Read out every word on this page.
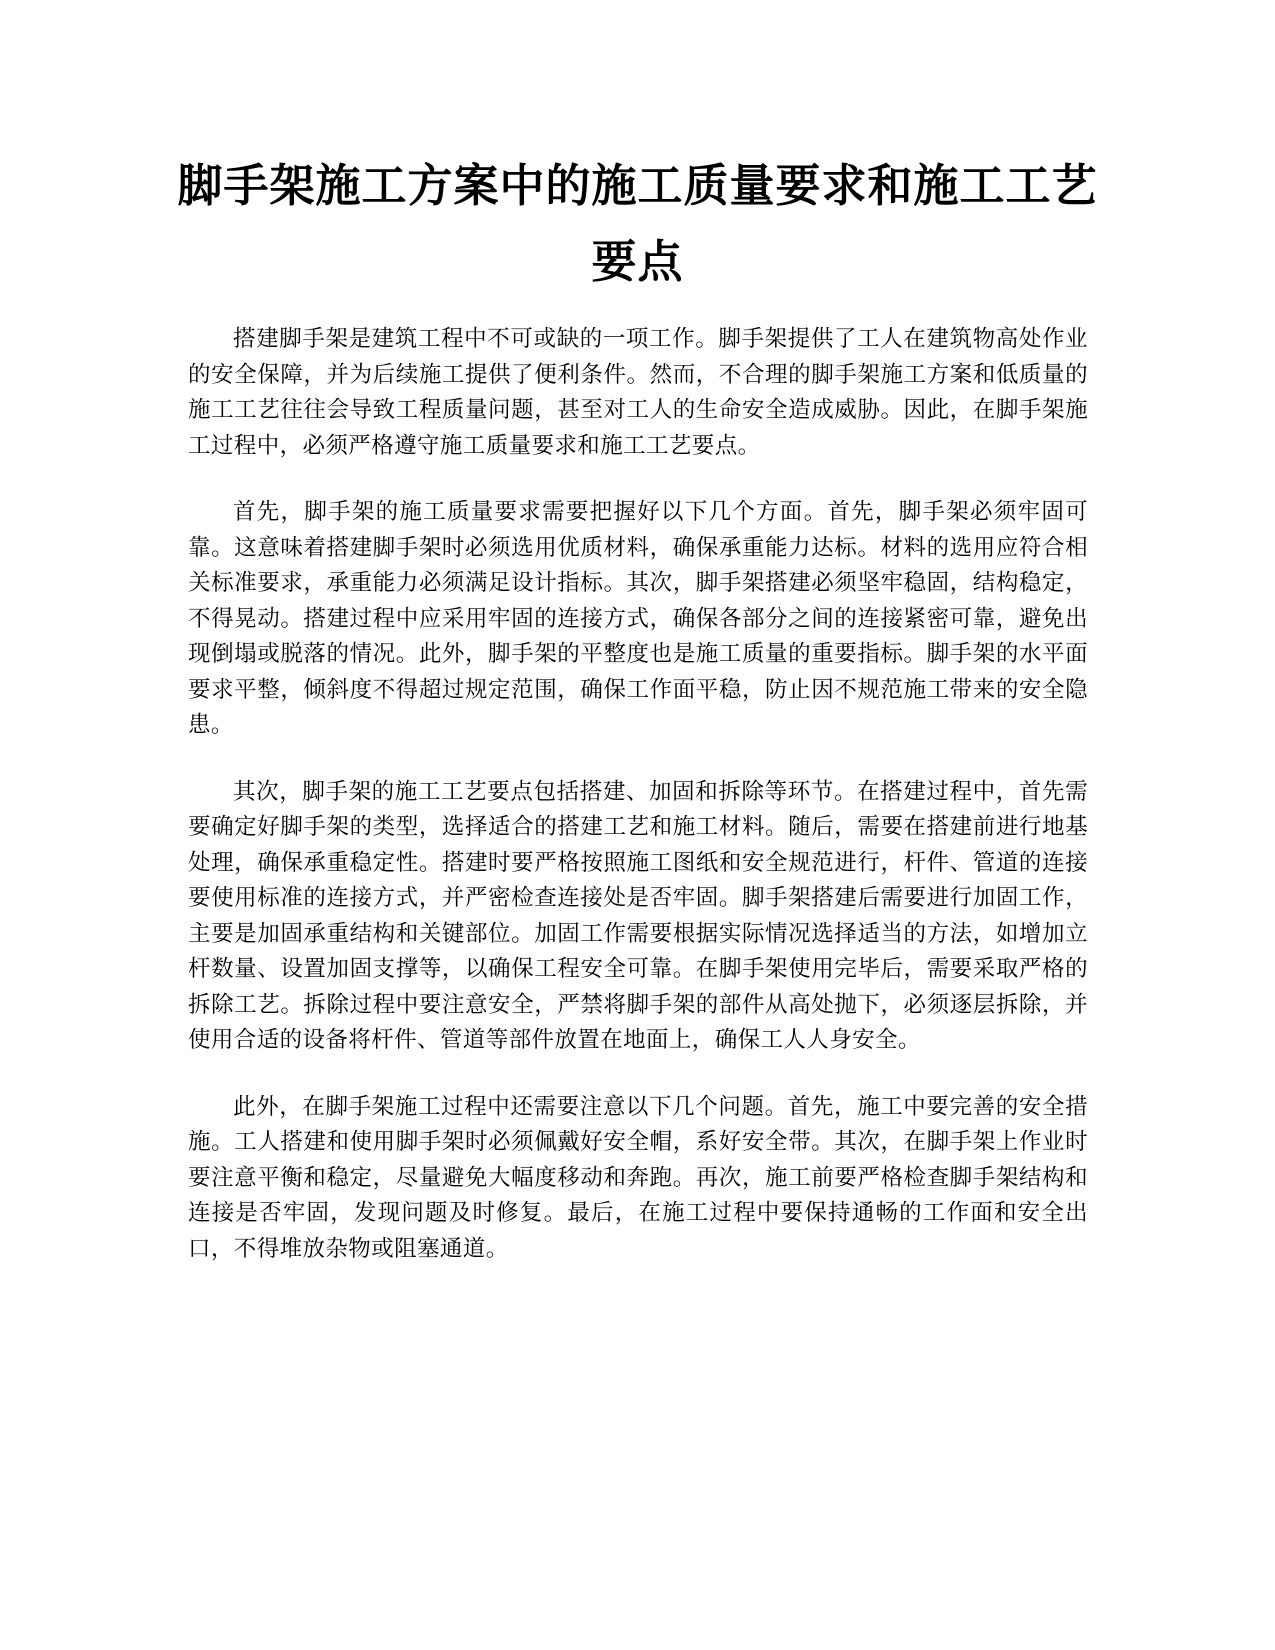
脚手架施工方案中的施工质量要求和施工工艺要点

搭建脚手架是建筑工程中不可或缺的一项工作。脚手架提供了工人在建筑物高处作业的安全保障，并为后续施工提供了便利条件。然而，不合理的脚手架施工方案和低质量的施工工艺往往会导致工程质量问题，甚至对工人的生命安全造成威胁。因此，在脚手架施工过程中，必须严格遵守施工质量要求和施工工艺要点。

首先，脚手架的施工质量要求需要把握好以下几个方面。首先，脚手架必须牢固可靠。这意味着搭建脚手架时必须选用优质材料，确保承重能力达标。材料的选用应符合相关标准要求，承重能力必须满足设计指标。其次，脚手架搭建必须坚牢稳固，结构稳定，不得晃动。搭建过程中应采用牢固的连接方式，确保各部分之间的连接紧密可靠，避免出现倒塌或脱落的情况。此外，脚手架的平整度也是施工质量的重要指标。脚手架的水平面要求平整，倾斜度不得超过规定范围，确保工作面平稳，防止因不规范施工带来的安全隐患。

其次，脚手架的施工工艺要点包括搭建、加固和拆除等环节。在搭建过程中，首先需要确定好脚手架的类型，选择适合的搭建工艺和施工材料。随后，需要在搭建前进行地基处理，确保承重稳定性。搭建时要严格按照施工图纸和安全规范进行，杆件、管道的连接要使用标准的连接方式，并严密检查连接处是否牢固。脚手架搭建后需要进行加固工作，主要是加固承重结构和关键部位。加固工作需要根据实际情况选择适当的方法，如增加立杆数量、设置加固支撑等，以确保工程安全可靠。在脚手架使用完毕后，需要采取严格的拆除工艺。拆除过程中要注意安全，严禁将脚手架的部件从高处抛下，必须逐层拆除，并使用合适的设备将杆件、管道等部件放置在地面上，确保工人人身安全。

此外，在脚手架施工过程中还需要注意以下几个问题。首先，施工中要完善的安全措施。工人搭建和使用脚手架时必须佩戴好安全帽，系好安全带。其次，在脚手架上作业时要注意平衡和稳定，尽量避免大幅度移动和奔跑。再次，施工前要严格检查脚手架结构和连接是否牢固，发现问题及时修复。最后，在施工过程中要保持通畅的工作面和安全出口，不得堆放杂物或阻塞通道。
